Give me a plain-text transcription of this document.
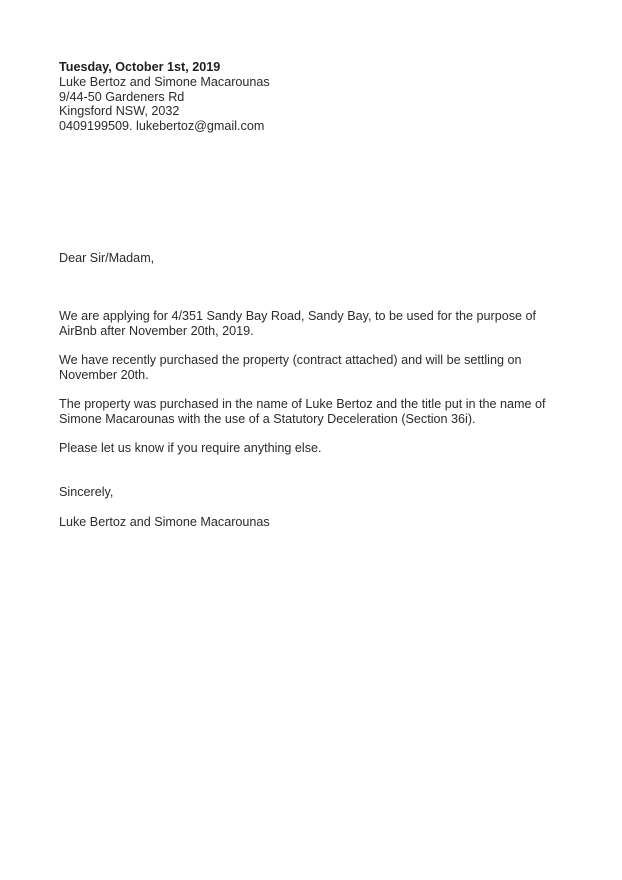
Tuesday, October 1st, 2019
Luke Bertoz and Simone Macarounas
9/44-50 Gardeners Rd
Kingsford NSW, 2032
0409199509. lukebertoz@gmail.com
Dear Sir/Madam,
We are applying for 4/351 Sandy Bay Road, Sandy Bay, to be used for the purpose of
AirBnb after November 20th, 2019.
We have recently purchased the property (contract attached) and will be settling on
November 20th.
The property was purchased in the name of Luke Bertoz and the title put in the name of
Simone Macarounas with the use of a Statutory Deceleration (Section 36i).
Please let us know if you require anything else.
Sincerely,
Luke Bertoz and Simone Macarounas
